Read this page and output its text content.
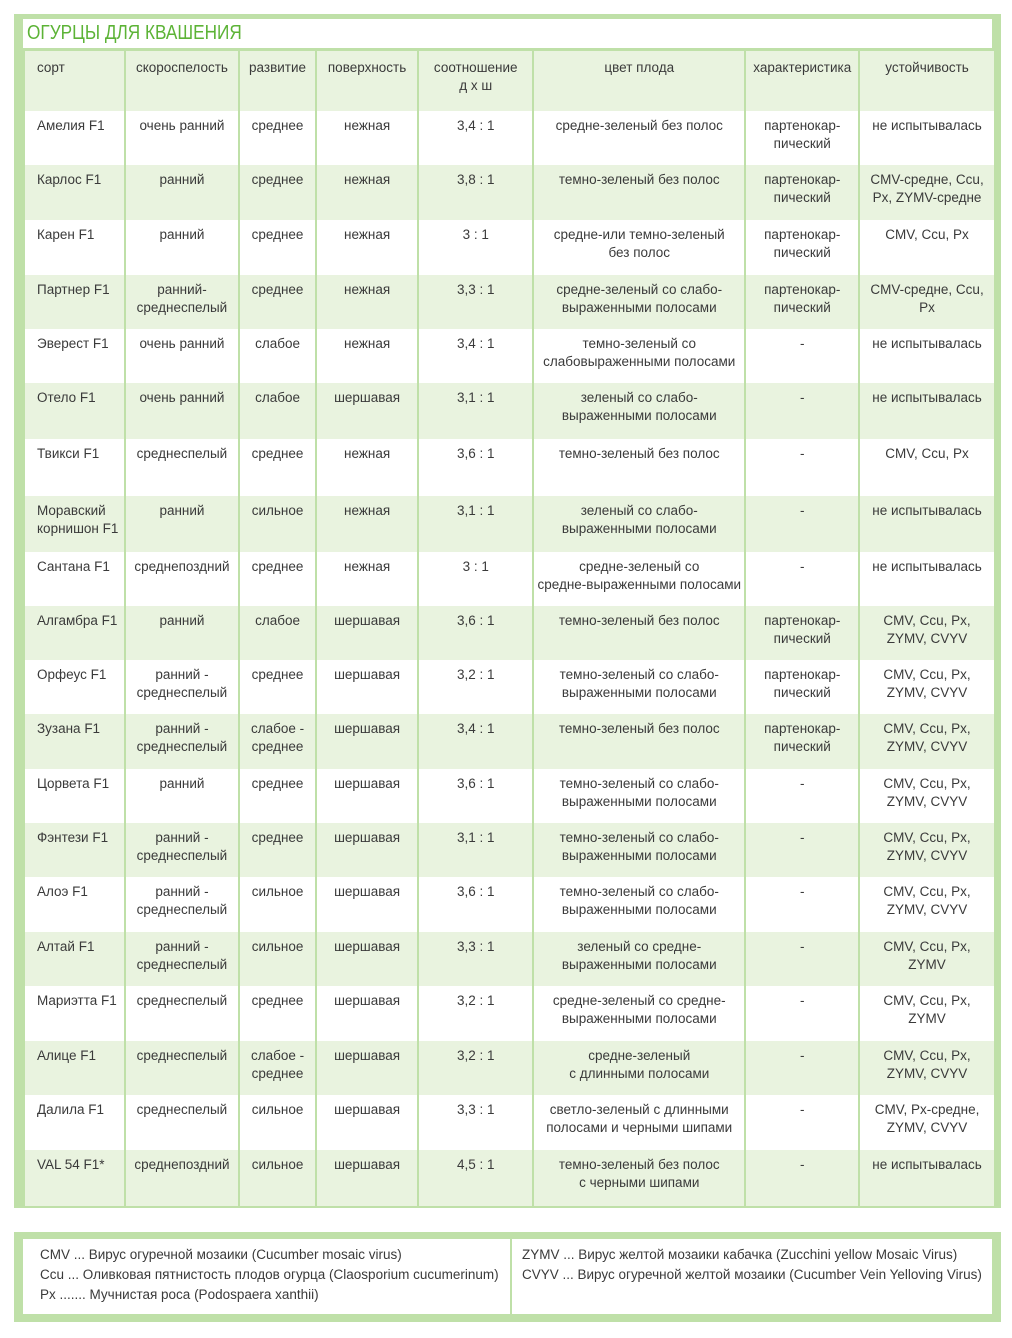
ОГУРЦЫ ДЛЯ КВАШЕНИЯ
сорт	скороспелость	развитие	поверхность	соотношение
д х ш	цвет плода	характеристика	устойчивость

Амелия F1	очень ранний	среднее	нежная	3,4 : 1	средне-зеленый без полос	партенокар-
пический	не испытывалась

Карлос F1	ранний	среднее	нежная	3,8 : 1	темно-зеленый без полос	партенокар-
пический	CMV-средне, Ccu,
Px, ZYMV-средне

Карен F1	ранний	среднее	нежная	3 : 1	средне-или темно-зеленый
без полос	партенокар-
пический	CMV, Ccu, Px

Партнер F1	ранний-
среднеспелый	среднее	нежная	3,3 : 1	средне-зеленый со слабо-
выраженными полосами	партенокар-
пический	CMV-средне, Ccu, Px

Эверест F1	очень ранний	слабое	нежная	3,4 : 1	темно-зеленый со
слабовыраженными полосами	-	не испытывалась

Отело F1	очень ранний	слабое	шершавая	3,1 : 1	зеленый со слабо-
выраженными полосами	-	не испытывалась

Твикси F1	среднеспелый	среднее	нежная	3,6 : 1	темно-зеленый без полос	-	CMV, Ccu, Px

Моравский
корнишон F1	ранний	сильное	нежная	3,1 : 1	зеленый со слабо-
выраженными полосами	-	не испытывалась

Сантана F1	среднепоздний	среднее	нежная	3 : 1	средне-зеленый со
средне-выраженными полосами	-	не испытывалась

Алгамбра F1	ранний	слабое	шершавая	3,6 : 1	темно-зеленый без полос	партенокар-
пический	CMV, Ccu, Px,
ZYMV, CVYV

Орфеус F1	ранний -
среднеспелый	среднее	шершавая	3,2 : 1	темно-зеленый со слабо-
выраженными полосами	партенокар-
пический	CMV, Ccu, Px,
ZYMV, CVYV

Зузана F1	ранний -
среднеспелый	слабое -
среднее	шершавая	3,4 : 1	темно-зеленый без полос	партенокар-
пический	CMV, Ccu, Px,
ZYMV, CVYV

Цорвета F1	ранний	среднее	шершавая	3,6 : 1	темно-зеленый со слабо-
выраженными полосами	-	CMV, Ccu, Px,
ZYMV, CVYV

Фэнтези F1	ранний -
среднеспелый	среднее	шершавая	3,1 : 1	темно-зеленый со слабо-
выраженными полосами	-	CMV, Ccu, Px,
ZYMV, CVYV

Алоэ F1	ранний -
среднеспелый	сильное	шершавая	3,6 : 1	темно-зеленый со слабо-
выраженными полосами	-	CMV, Ccu, Px,
ZYMV, CVYV

Алтай F1	ранний -
среднеспелый	сильное	шершавая	3,3 : 1	зеленый со средне-
выраженными полосами	-	CMV, Ccu, Px,
ZYMV

Мариэтта F1	среднеспелый	среднее	шершавая	3,2 : 1	средне-зеленый со средне-
выраженными полосами	-	CMV, Ccu, Px,
ZYMV

Алице F1	среднеспелый	слабое -
среднее	шершавая	3,2 : 1	средне-зеленый
с длинными полосами	-	CMV, Ccu, Px,
ZYMV, CVYV

Далила F1	среднеспелый	сильное	шершавая	3,3 : 1	светло-зеленый с длинными
полосами и черными шипами	-	CMV, Px-средне,
ZYMV, CVYV

VAL 54 F1*	среднепоздний	сильное	шершавая	4,5 : 1	темно-зеленый без полос
с черными шипами	-	не испытывалась
CMV ... Вирус огуречной мозаики (Cucumber mosaic virus)
Ccu ... Оливковая пятнистость плодов огурца (Claosporium cucumerinum)
Px ....... Мучнистая роса (Podospaera xanthii)
ZYMV ... Вирус желтой мозаики кабачка (Zucchini yellow Mosaic Virus)
CVYV ... Вирус огуречной желтой мозаики (Cucumber Vein Yelloving Virus)
